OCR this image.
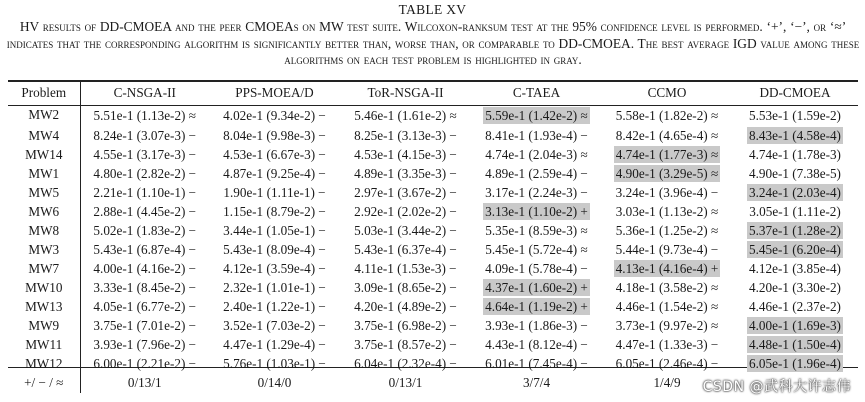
TABLE XV
HV results of DD-CMOEA and the peer CMOEAs on MW test suite. Wilcoxon-ranksum test at the 95% confidence level is performed. ‘+’, ‘−’, or ‘≈’ indicates that the corresponding algorithm is significantly better than, worse than, or comparable to DD-CMOEA. The best average IGD value among these algorithms on each test problem is highlighted in gray.
Problem	C-NSGA-II	PPS-MOEA/D	ToR-NSGA-II	C-TAEA	CCMO	DD-CMOEA
MW2	5.51e-1 (1.13e-2) ≈	4.02e-1 (9.34e-2) −	5.46e-1 (1.61e-2) ≈	5.59e-1 (1.42e-2) ≈	5.58e-1 (1.82e-2) ≈	5.53e-1 (1.59e-2)
MW4	8.24e-1 (3.07e-3) −	8.04e-1 (9.98e-3) −	8.25e-1 (3.13e-3) −	8.41e-1 (1.93e-4) −	8.42e-1 (4.65e-4) ≈	8.43e-1 (4.58e-4)
MW14	4.55e-1 (3.17e-3) −	4.53e-1 (6.67e-3) −	4.53e-1 (4.15e-3) −	4.74e-1 (2.04e-3) ≈	4.74e-1 (1.77e-3) ≈	4.74e-1 (1.78e-3)
MW1	4.80e-1 (2.82e-2) −	4.87e-1 (9.25e-4) −	4.89e-1 (3.35e-3) −	4.89e-1 (2.59e-4) −	4.90e-1 (3.29e-5) ≈	4.90e-1 (7.38e-5)
MW5	2.21e-1 (1.10e-1) −	1.90e-1 (1.11e-1) −	2.97e-1 (3.67e-2) −	3.17e-1 (2.24e-3) −	3.24e-1 (3.96e-4) −	3.24e-1 (2.03e-4)
MW6	2.88e-1 (4.45e-2) −	1.15e-1 (8.79e-2) −	2.92e-1 (2.02e-2) −	3.13e-1 (1.10e-2) +	3.03e-1 (1.13e-2) ≈	3.05e-1 (1.11e-2)
MW8	5.02e-1 (1.83e-2) −	3.44e-1 (1.05e-1) −	5.03e-1 (3.44e-2) −	5.35e-1 (8.59e-3) ≈	5.36e-1 (1.25e-2) ≈	5.37e-1 (1.28e-2)
MW3	5.43e-1 (6.87e-4) −	5.43e-1 (8.09e-4) −	5.43e-1 (6.37e-4) −	5.45e-1 (5.72e-4) ≈	5.44e-1 (9.73e-4) −	5.45e-1 (6.20e-4)
MW7	4.00e-1 (4.16e-2) −	4.12e-1 (3.59e-4) −	4.11e-1 (1.53e-3) −	4.09e-1 (5.78e-4) −	4.13e-1 (4.16e-4) +	4.12e-1 (3.85e-4)
MW10	3.33e-1 (8.45e-2) −	2.32e-1 (1.01e-1) −	3.09e-1 (8.65e-2) −	4.37e-1 (1.60e-2) +	4.18e-1 (3.58e-2) ≈	4.20e-1 (3.30e-2)
MW13	4.05e-1 (6.77e-2) −	2.40e-1 (1.22e-1) −	4.20e-1 (4.89e-2) −	4.64e-1 (1.19e-2) +	4.46e-1 (1.54e-2) ≈	4.46e-1 (2.37e-2)
MW9	3.75e-1 (7.01e-2) −	3.52e-1 (7.03e-2) −	3.75e-1 (6.98e-2) −	3.93e-1 (1.86e-3) −	3.73e-1 (9.97e-2) ≈	4.00e-1 (1.69e-3)
MW11	3.93e-1 (7.96e-2) −	4.47e-1 (1.29e-4) −	3.75e-1 (8.57e-2) −	4.43e-1 (8.12e-4) −	4.47e-1 (1.33e-3) −	4.48e-1 (1.50e-4)
MW12	6.00e-1 (2.21e-2) −	5.76e-1 (1.03e-1) −	6.04e-1 (2.32e-4) −	6.01e-1 (7.45e-4) −	6.05e-1 (2.46e-4) −	6.05e-1 (1.96e-4)
+/ − / ≈	0/13/1	0/14/0	0/13/1	3/7/4	1/4/9	CSDN @武科大许志伟
